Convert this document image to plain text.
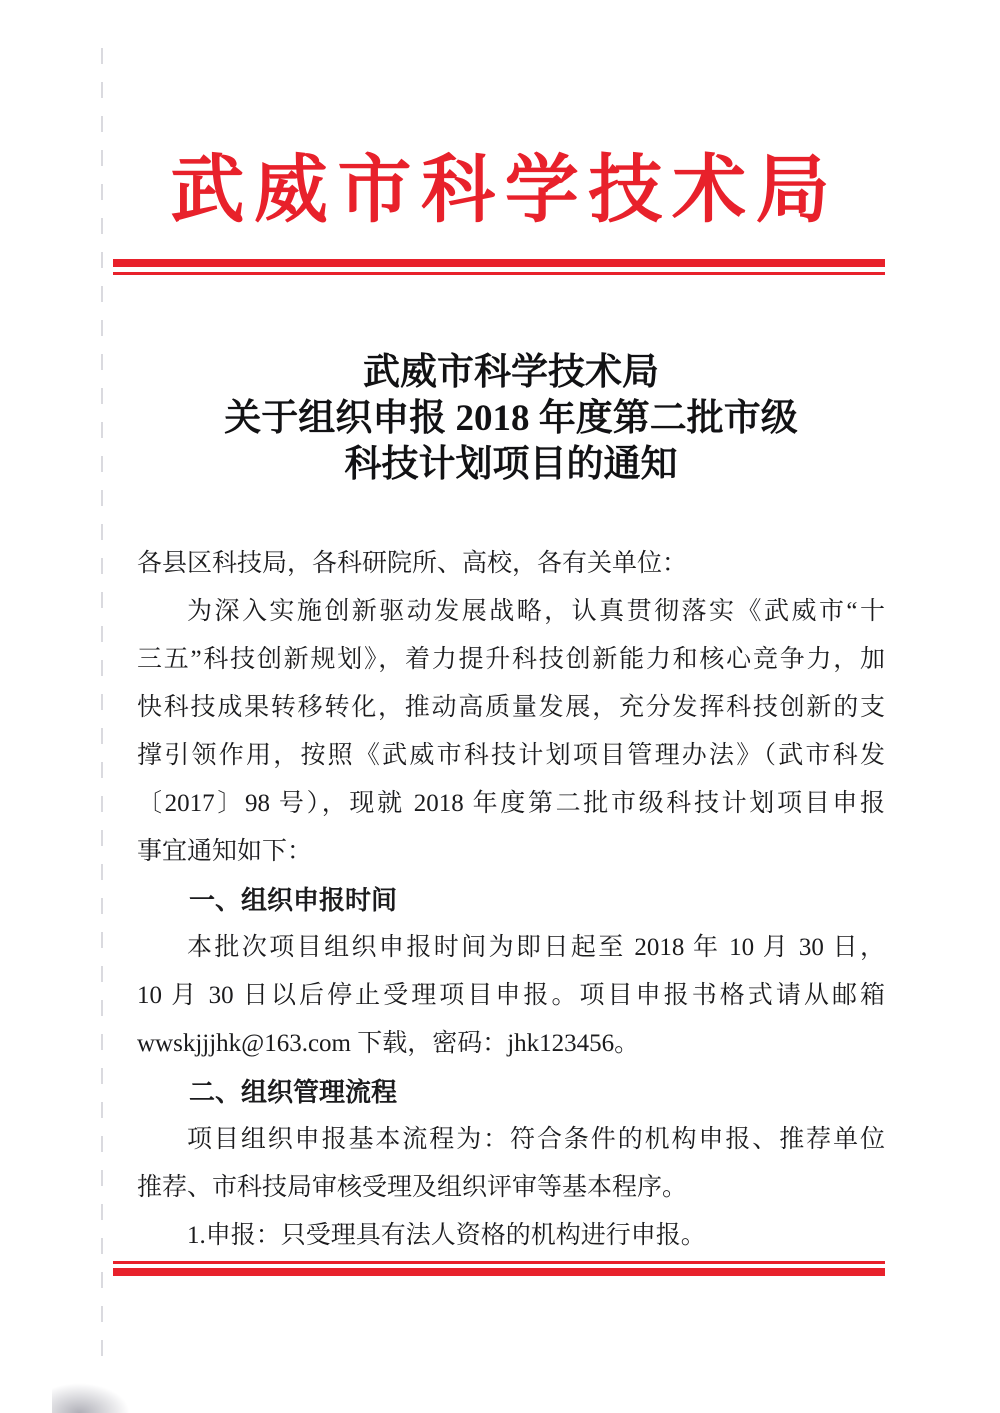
武威市科学技术局
武威市科学技术局
关于组织申报 2018 年度第二批市级
科技计划项目的通知
各县区科技局，各科研院所、高校，各有关单位：
为深入实施创新驱动发展战略，认真贯彻落实《武威市“十
三五”科技创新规划》，着力提升科技创新能力和核心竞争力，加
快科技成果转移转化，推动高质量发展，充分发挥科技创新的支
撑引领作用，按照《武威市科技计划项目管理办法》（武市科发
〔2017〕98 号），现就 2018 年度第二批市级科技计划项目申报
事宜通知如下：
一、组织申报时间
本批次项目组织申报时间为即日起至 2018 年 10 月 30 日，
10 月 30 日以后停止受理项目申报。项目申报书格式请从邮箱
wwskjjjhk@163.com 下载，密码：jhk123456。
二、组织管理流程
项目组织申报基本流程为：符合条件的机构申报、推荐单位
推荐、市科技局审核受理及组织评审等基本程序。
1.申报：只受理具有法人资格的机构进行申报。
